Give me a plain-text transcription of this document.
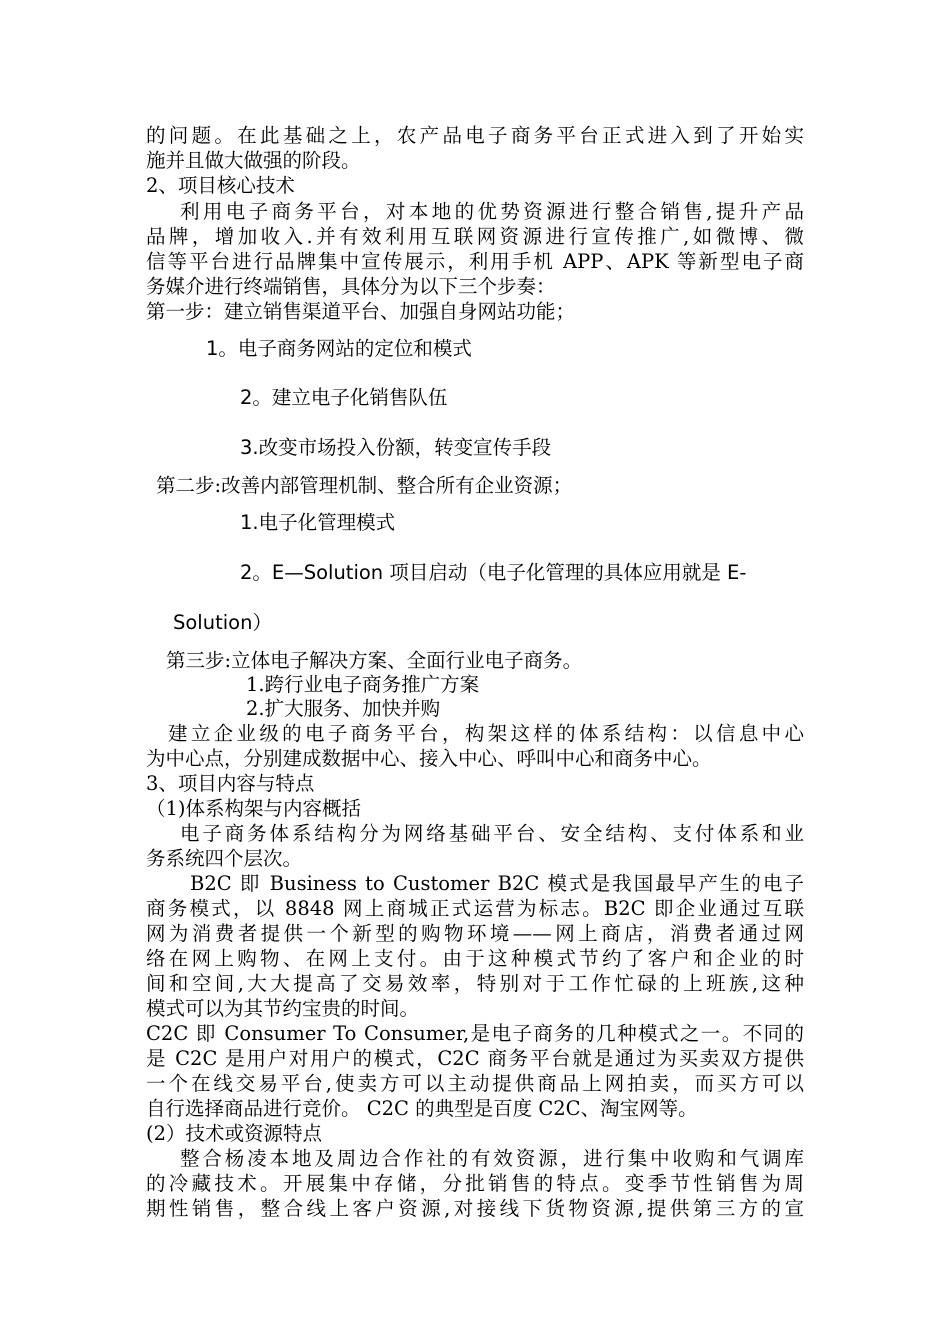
的问题。在此基础之上，农产品电子商务平台正式进入到了开始实
施并且做大做强的阶段。
2、项目核心技术
利用电子商务平台，对本地的优势资源进行整合销售,提升产品
品牌，增加收入.并有效利用互联网资源进行宣传推广,如微博、微
信等平台进行品牌集中宣传展示，利用手机 APP、APK 等新型电子商
务媒介进行终端销售，具体分为以下三个步奏：
第一步：建立销售渠道平台、加强自身网站功能；
1。电子商务网站的定位和模式
2。建立电子化销售队伍
3.改变市场投入份额，转变宣传手段
第二步:改善内部管理机制、整合所有企业资源；
1.电子化管理模式
2。E—Solution 项目启动（电子化管理的具体应用就是 E-
Solution）
第三步:立体电子解决方案、全面行业电子商务。
1.跨行业电子商务推广方案
2.扩大服务、加快并购
建立企业级的电子商务平台，构架这样的体系结构：以信息中心
为中心点，分别建成数据中心、接入中心、呼叫中心和商务中心。
3、项目内容与特点
（1)体系构架与内容概括
电子商务体系结构分为网络基础平台、安全结构、支付体系和业
务系统四个层次。
B2C 即 Business to Customer B2C 模式是我国最早产生的电子
商务模式，以 8848 网上商城正式运营为标志。B2C 即企业通过互联
网为消费者提供一个新型的购物环境——网上商店，消费者通过网
络在网上购物、在网上支付。由于这种模式节约了客户和企业的时
间和空间,大大提高了交易效率，特别对于工作忙碌的上班族,这种
模式可以为其节约宝贵的时间。
C2C 即 Consumer To Consumer,是电子商务的几种模式之一。不同的
是 C2C 是用户对用户的模式，C2C 商务平台就是通过为买卖双方提供
一个在线交易平台,使卖方可以主动提供商品上网拍卖，而买方可以
自行选择商品进行竞价。 C2C 的典型是百度 C2C、淘宝网等。
(2）技术或资源特点
整合杨凌本地及周边合作社的有效资源，进行集中收购和气调库
的冷藏技术。开展集中存储，分批销售的特点。变季节性销售为周
期性销售，整合线上客户资源,对接线下货物资源,提供第三方的宣
